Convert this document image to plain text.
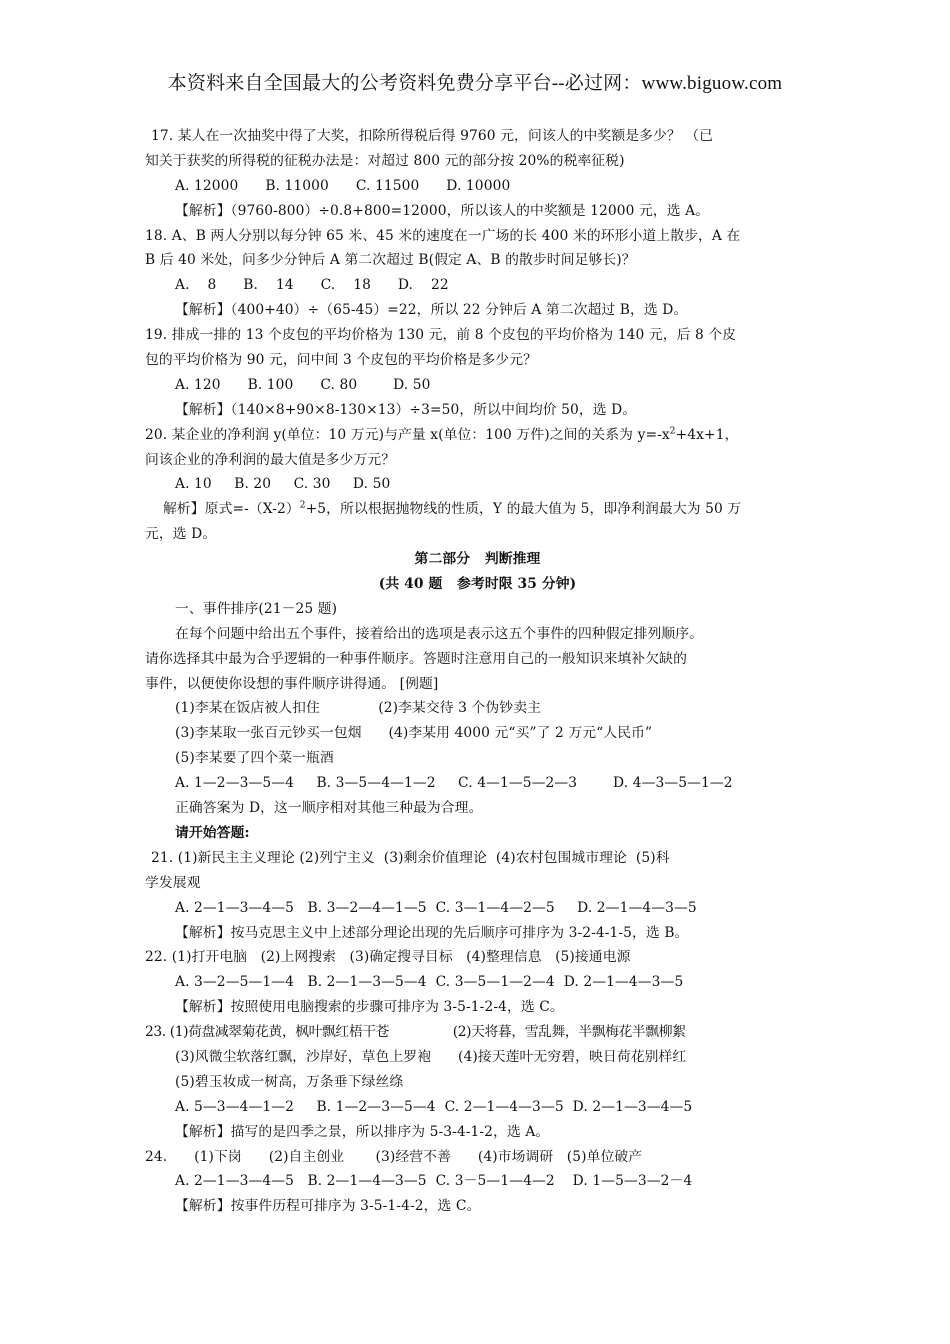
本资料来自全国最大的公考资料免费分享平台--必过网：www.biguow.com
17. 某人在一次抽奖中得了大奖，扣除所得税后得 9760 元，问该人的中奖额是多少？ （已
知关于获奖的所得税的征税办法是：对超过 800 元的部分按 20%的税率征税)
A. 12000      B. 11000      C. 11500      D. 10000
【解析】（9760-800）÷0.8+800=12000，所以该人的中奖额是 12000 元，选 A。
18. A、B 两人分别以每分钟 65 米、45 米的速度在一广场的长 400 米的环形小道上散步，A 在
B 后 40 米处，问多少分钟后 A 第二次超过 B(假定 A、B 的散步时间足够长)？
A.    8      B.    14      C.    18      D.    22
【解析】（400+40）÷（65-45）=22，所以 22 分钟后 A 第二次超过 B，选 D。
19. 排成一排的 13 个皮包的平均价格为 130 元，前 8 个皮包的平均价格为 140 元，后 8 个皮
包的平均价格为 90 元，问中间 3 个皮包的平均价格是多少元？
A. 120      B. 100      C. 80        D. 50
【解析】（140×8+90×8-130×13）÷3=50，所以中间均价 50，选 D。
20. 某企业的净利润 y(单位：10 万元)与产量 x(单位：100 万件)之间的关系为 $y=-x^2+4x+1$，
问该企业的净利润的最大值是多少万元？
A. 10     B. 20     C. 30     D. 50
解析】原式$=-(X-2)^2+5$，所以根据抛物线的性质，Y 的最大值为 5，即净利润最大为 50 万
元，选 D。
第二部分   判断推理
(共 40 题   参考时限 35 分钟)
一、事件排序(21－25 题)
在每个问题中给出五个事件，接着给出的选项是表示这五个事件的四种假定排列顺序。
请你选择其中最为合乎逻辑的一种事件顺序。答题时注意用自己的一般知识来填补欠缺的
事件，以便使你设想的事件顺序讲得通。 [例题]
(1)李某在饭店被人扣住             (2)李某交待 3 个伪钞卖主
(3)李某取一张百元钞买一包烟      (4)李某用 4000 元“买”了 2 万元“人民币”
(5)李某要了四个菜一瓶酒
A. 1—2—3—5—4     B. 3—5—4—1—2     C. 4—1—5—2—3        D. 4—3—5—1—2
正确答案为 D，这一顺序相对其他三种最为合理。
请开始答题:
21. (1)新民主主义理论 (2)列宁主义  (3)剩余价值理论  (4)农村包围城市理论  (5)科
学发展观
A. 2—1—3—4—5   B. 3—2—4—1—5  C. 3—1—4—2—5     D. 2—1—4—3—5
【解析】按马克思主义中上述部分理论出现的先后顺序可排序为 3-2-4-1-5，选 B。
22. (1)打开电脑   (2)上网搜索   (3)确定搜寻目标   (4)整理信息   (5)接通电源
A. 3—2—5—1—4   B. 2—1—3—5—4  C. 3—5—1—2—4  D. 2—1—4—3—5
【解析】按照使用电脑搜索的步骤可排序为 3-5-1-2-4，选 C。
23. (1)荷盘减翠菊花黄，枫叶飘红梧干苍                (2)天将暮，雪乱舞，半飘梅花半飘柳絮
(3)风微尘软落红飘，沙岸好，草色上罗袍      (4)接天莲叶无穷碧，映日荷花别样红
(5)碧玉妆成一树高，万条垂下绿丝绦
A. 5—3—4—1—2     B. 1—2—3—5—4  C. 2—1—4—3—5  D. 2—1—3—4—5
【解析】描写的是四季之景，所以排序为 5-3-4-1-2，选 A。
24.      (1)下岗      (2)自主创业       (3)经营不善      (4)市场调研   (5)单位破产
A. 2—1—3—4—5   B. 2—1—4—3—5  C. 3－5—1—4—2    D. 1—5—3—2－4
【解析】按事件历程可排序为 3-5-1-4-2，选 C。
